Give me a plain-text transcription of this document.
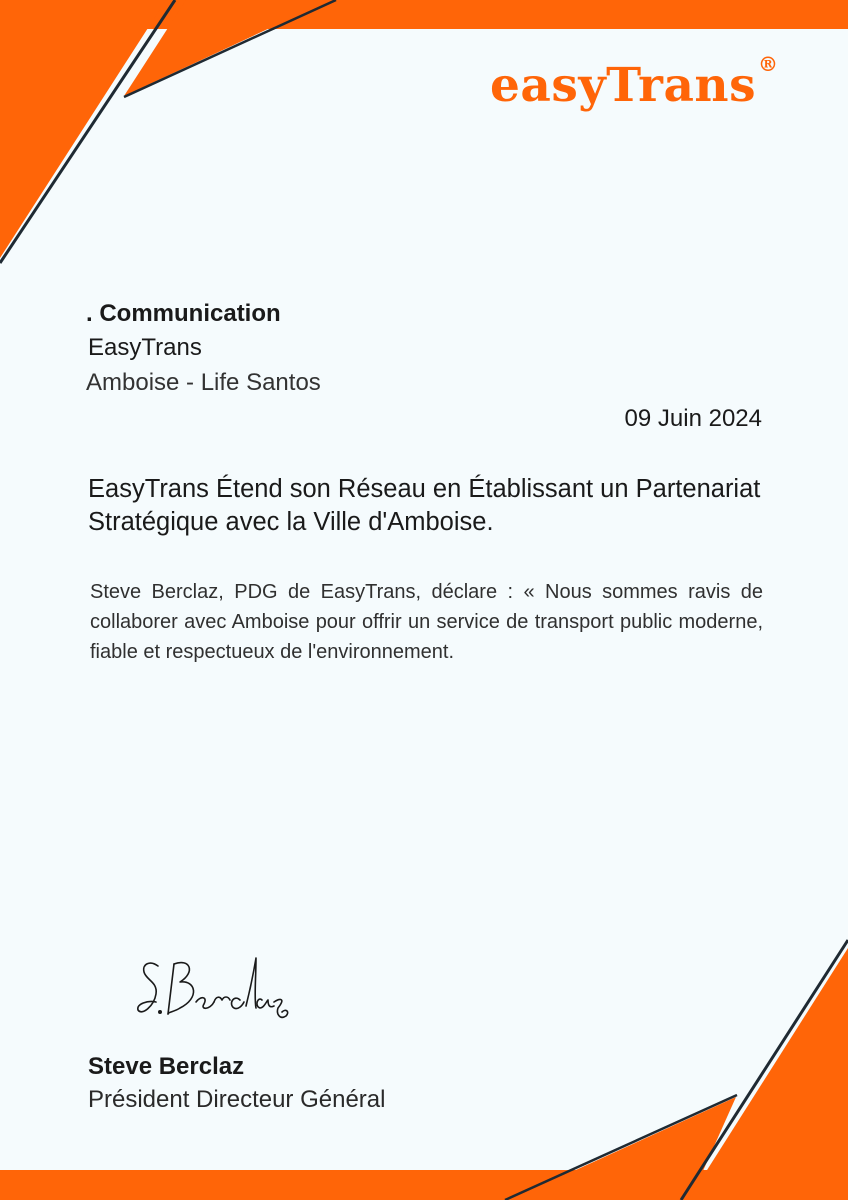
easyTrans ®

. Communication

EasyTrans

Amboise - Life Santos

09 Juin 2024

EasyTrans Étend son Réseau en Établissant un Partenariat Stratégique avec la Ville d'Amboise.

Steve Berclaz, PDG de EasyTrans, déclare : « Nous sommes ravis de collaborer avec Amboise pour offrir un service de transport public moderne, fiable et respectueux de l'environnement.

Steve Berclaz

Président Directeur Général
